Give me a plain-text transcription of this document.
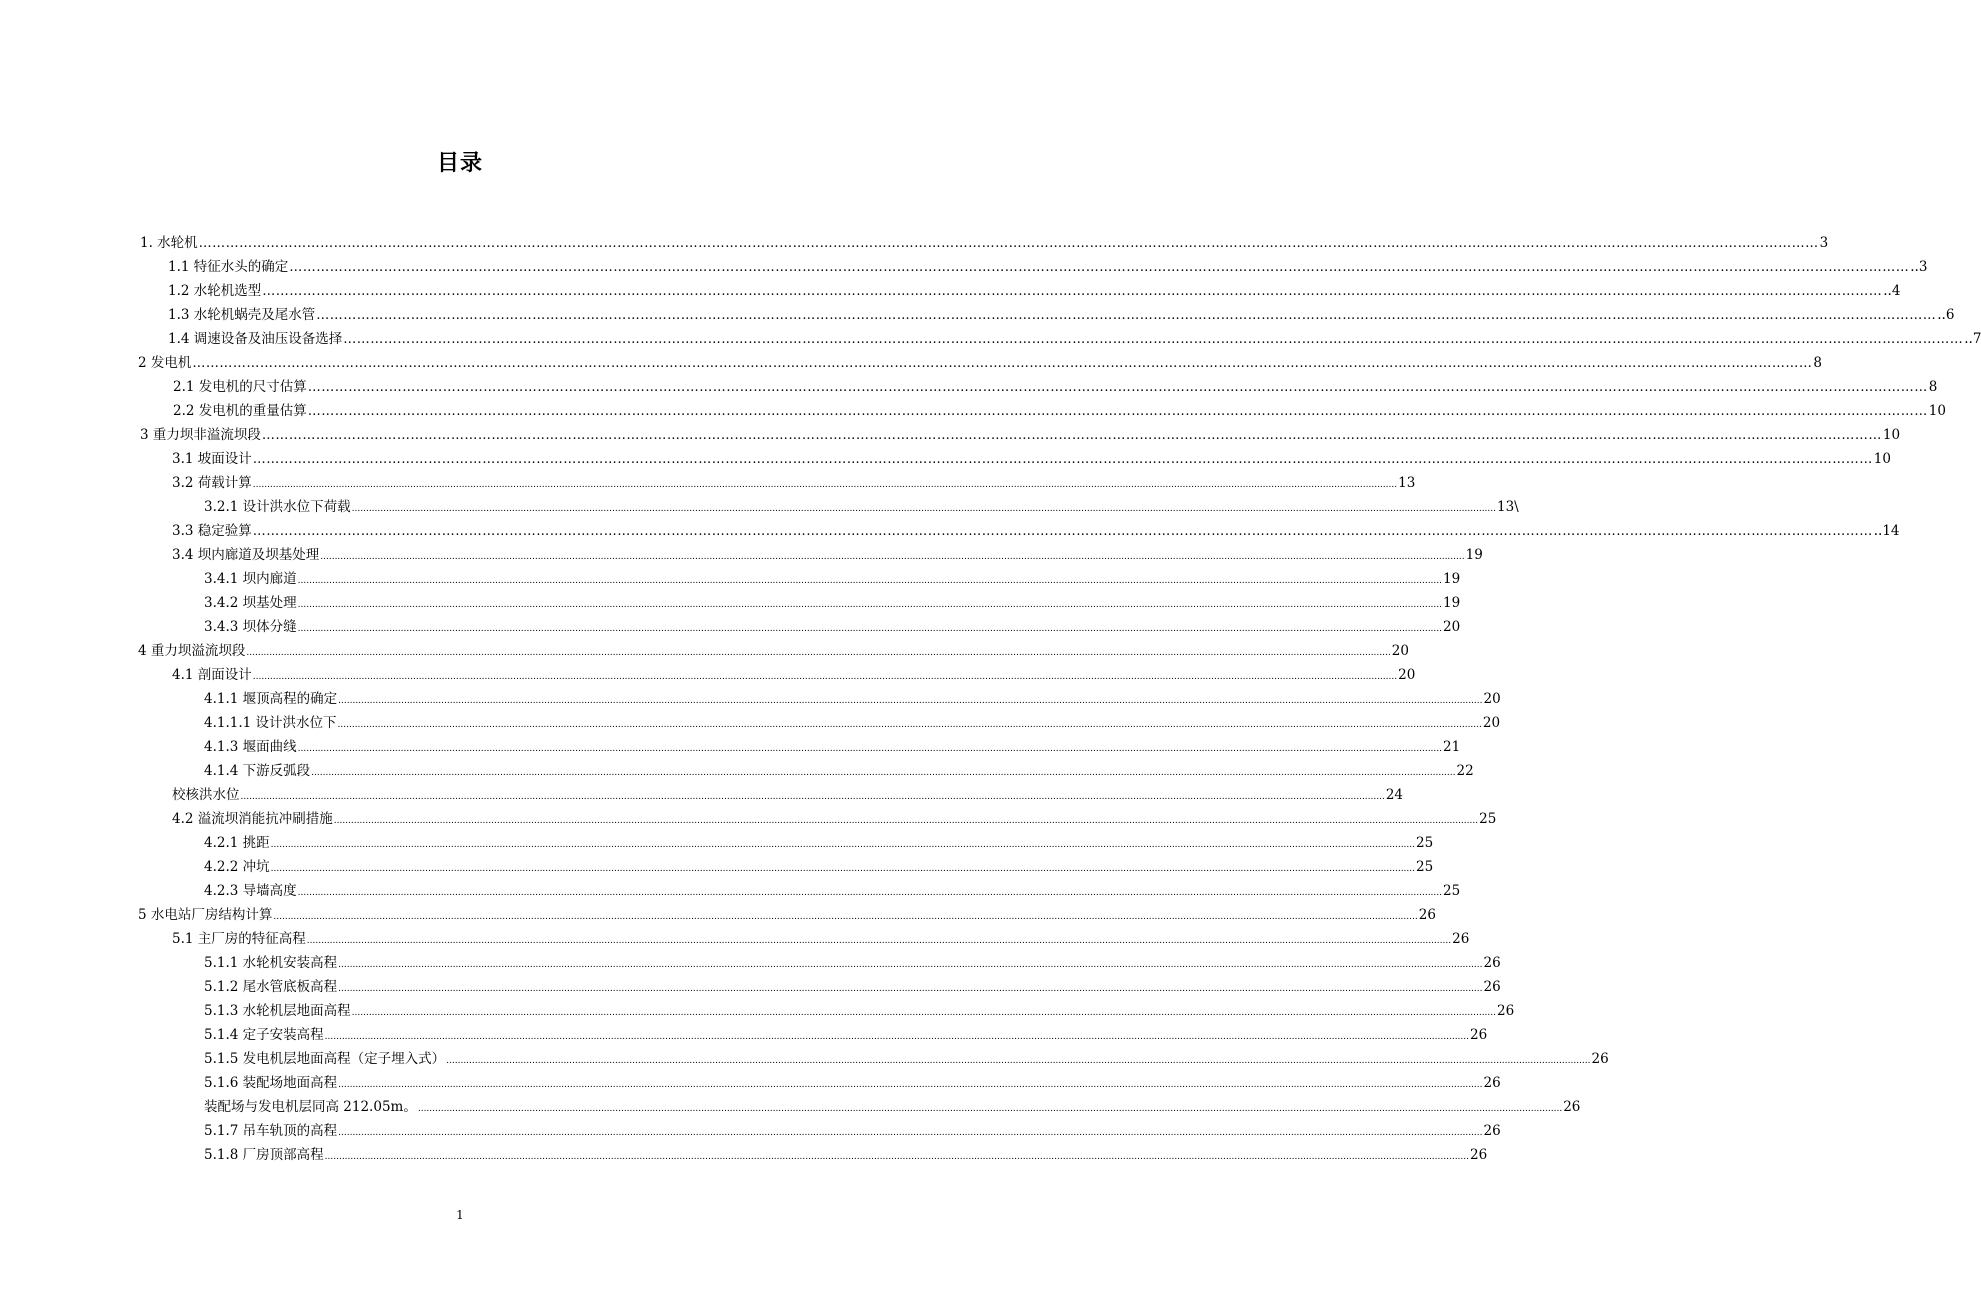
目录
1. 水轮机 ……………………………………………………………………………………………………………………………………………………………………………………………………………………………………………………………………………………………………………………………… 3
1.1 特征水头的确定 ……………………………………………………………………………………………………………………………………………………………………………………………………………………………………………………………………………………………………………………………… ..3
1.2 水轮机选型 ……………………………………………………………………………………………………………………………………………………………………………………………………………………………………………………………………………………………………………………………… ..4
1.3 水轮机蜗壳及尾水管 ……………………………………………………………………………………………………………………………………………………………………………………………………………………………………………………………………………………………………………………………… ..6
1.4 调速设备及油压设备选择 ……………………………………………………………………………………………………………………………………………………………………………………………………………………………………………………………………………………………………………………………… ..7
2 发电机 ……………………………………………………………………………………………………………………………………………………………………………………………………………………………………………………………………………………………………………………………… 8
2.1 发电机的尺寸估算 ……………………………………………………………………………………………………………………………………………………………………………………………………………………………………………………………………………………………………………………………… 8
2.2 发电机的重量估算 ……………………………………………………………………………………………………………………………………………………………………………………………………………………………………………………………………………………………………………………………… 10
3 重力坝非溢流坝段 ……………………………………………………………………………………………………………………………………………………………………………………………………………………………………………………………………………………………………………………………… 10
3.1 坡面设计 ……………………………………………………………………………………………………………………………………………………………………………………………………………………………………………………………………………………………………………………………… 10
3.2 荷载计算 ................................................................................................................................................................................................................................................................................................................................................................................................................ 13
3.2.1 设计洪水位下荷载 ................................................................................................................................................................................................................................................................................................................................................................................................................ 13\
3.3 稳定验算 ……………………………………………………………………………………………………………………………………………………………………………………………………………………………………………………………………………………………………………………………… ..14
3.4 坝内廊道及坝基处理 ................................................................................................................................................................................................................................................................................................................................................................................................................ 19
3.4.1 坝内廊道 ................................................................................................................................................................................................................................................................................................................................................................................................................ 19
3.4.2 坝基处理 ................................................................................................................................................................................................................................................................................................................................................................................................................ 19
3.4.3 坝体分缝 ................................................................................................................................................................................................................................................................................................................................................................................................................ 20
4 重力坝溢流坝段 ................................................................................................................................................................................................................................................................................................................................................................................................................ 20
4.1 剖面设计 ................................................................................................................................................................................................................................................................................................................................................................................................................ 20
4.1.1 堰顶高程的确定 ................................................................................................................................................................................................................................................................................................................................................................................................................ 20
4.1.1.1 设计洪水位下 ................................................................................................................................................................................................................................................................................................................................................................................................................ 20
4.1.3 堰面曲线 ................................................................................................................................................................................................................................................................................................................................................................................................................ 21
4.1.4 下游反弧段 ................................................................................................................................................................................................................................................................................................................................................................................................................ 22
校核洪水位 ................................................................................................................................................................................................................................................................................................................................................................................................................ 24
4.2 溢流坝消能抗冲刷措施 ................................................................................................................................................................................................................................................................................................................................................................................................................ 25
4.2.1 挑距 ................................................................................................................................................................................................................................................................................................................................................................................................................ 25
4.2.2 冲坑 ................................................................................................................................................................................................................................................................................................................................................................................................................ 25
4.2.3 导墙高度 ................................................................................................................................................................................................................................................................................................................................................................................................................ 25
5 水电站厂房结构计算 ................................................................................................................................................................................................................................................................................................................................................................................................................ 26
5.1 主厂房的特征高程 ................................................................................................................................................................................................................................................................................................................................................................................................................ 26
5.1.1 水轮机安装高程 ................................................................................................................................................................................................................................................................................................................................................................................................................ 26
5.1.2 尾水管底板高程 ................................................................................................................................................................................................................................................................................................................................................................................................................ 26
5.1.3 水轮机层地面高程 ................................................................................................................................................................................................................................................................................................................................................................................................................ 26
5.1.4 定子安装高程 ................................................................................................................................................................................................................................................................................................................................................................................................................ 26
5.1.5 发电机层地面高程（定子埋入式） ................................................................................................................................................................................................................................................................................................................................................................................................................ 26
5.1.6 装配场地面高程 ................................................................................................................................................................................................................................................................................................................................................................................................................ 26
装配场与发电机层同高 212.05m。 ................................................................................................................................................................................................................................................................................................................................................................................................................ 26
5.1.7 吊车轨顶的高程 ................................................................................................................................................................................................................................................................................................................................................................................................................ 26
5.1.8 厂房顶部高程 ................................................................................................................................................................................................................................................................................................................................................................................................................ 26
1
